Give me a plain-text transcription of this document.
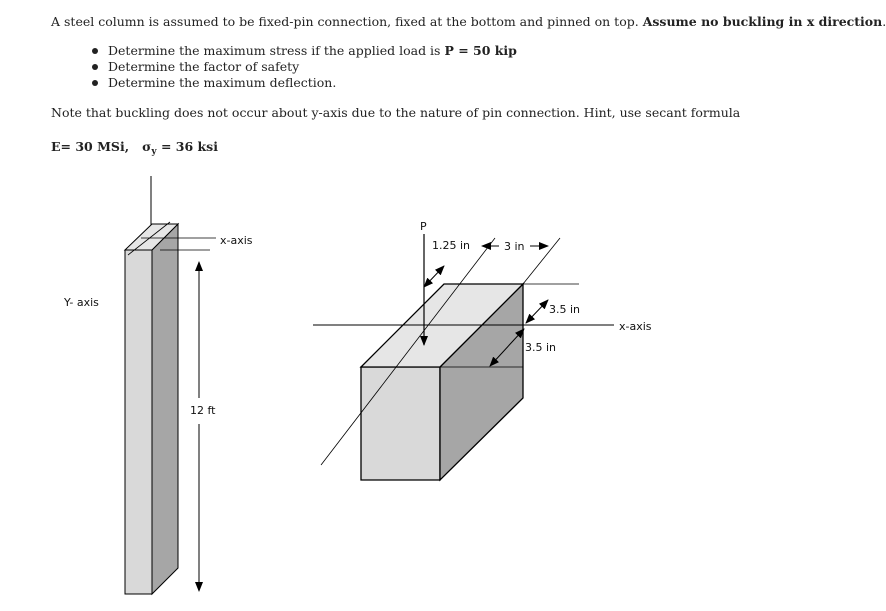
A steel column is assumed to be fixed-pin connection, fixed at the bottom and pinned on top. Assume no buckling in x direction.
Determine the maximum stress if the applied load is P = 50 kip
Determine the factor of safety
Determine the maximum deflection.
Note that buckling does not occur about y-axis due to the nature of pin connection. Hint, use secant formula
E= 30 MSi, $\sigma_y = 36$ ksi
x-axis
Y- axis
12 ft
P
1.25 in	3 in
3.5 in
3.5 in
x-axis
